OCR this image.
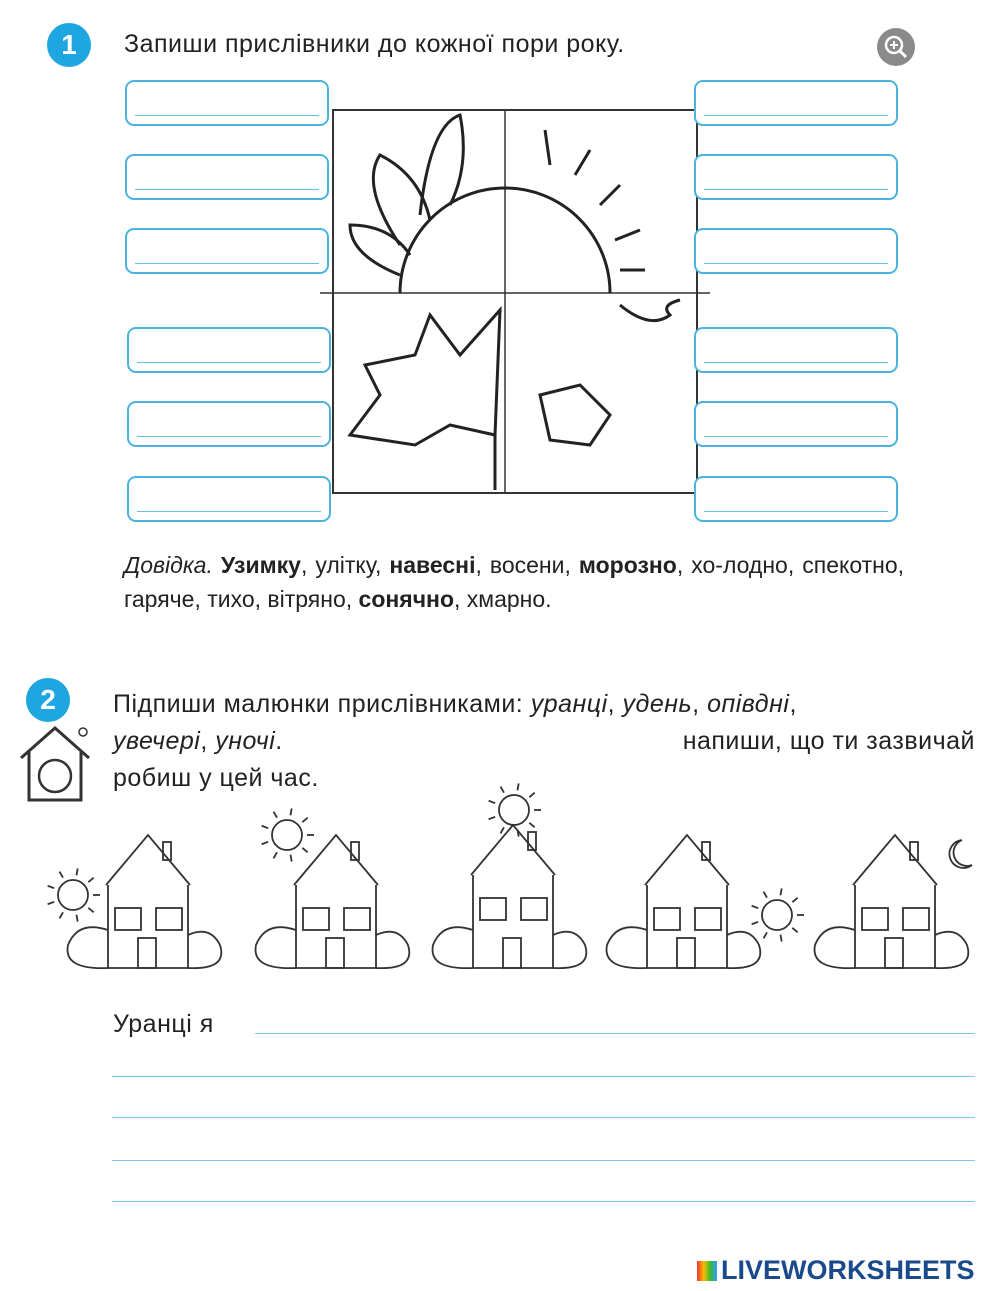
1	Запиши прислівники до кожної пори року.
Довідка. Узимку, улітку, навесні, восени, морозно, хо-лодно, спекотно, гаряче, тихо, вітряно, сонячно, хмарно.
2	Підпиши малюнки прислівниками: уранці, удень, опівдні,
увечері, уночі.	напиши, що ти зазвичай
робиш у цей час.
Уранці я
LIVEWORKSHEETS
